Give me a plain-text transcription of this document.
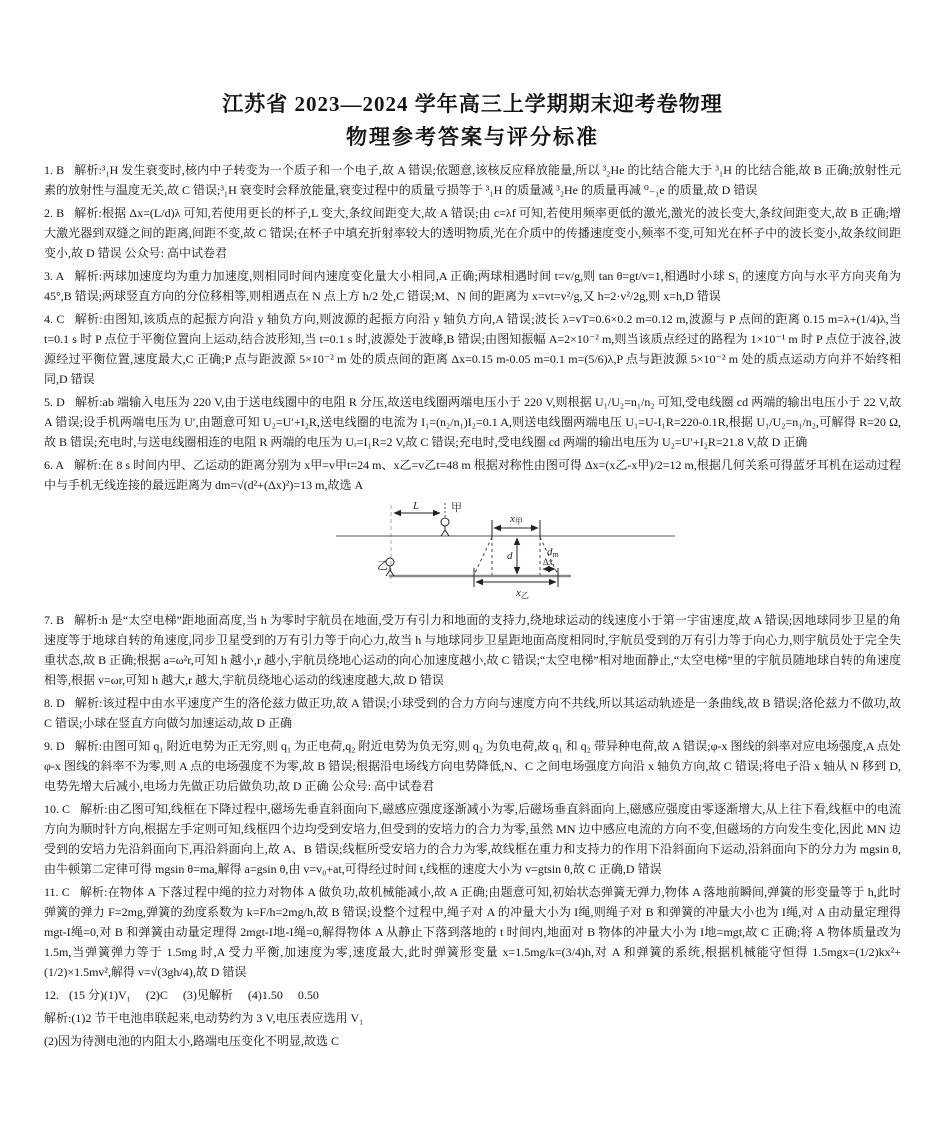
江苏省 2023—2024 学年高三上学期期末迎考卷物理
物理参考答案与评分标准

1. B 解析:³₁H 发生衰变时,核内中子转变为一个质子和一个电子,故 A 错误;依题意,该核反应释放能量,所以 ³₂He 的比结合能大于 ³₁H 的比结合能,故 B 正确;放射性元素的放射性与温度无关,故 C 错误;³₁H 衰变时会释放能量,衰变过程中的质量亏损等于 ³₁H 的质量减 ³₂He 的质量再减 ⁰₋₁e 的质量,故 D 错误

2. B 解析:根据 Δx=(L/d)λ 可知,若使用更长的杯子,L 变大,条纹间距变大,故 A 错误;由 c=λf 可知,若使用频率更低的激光,激光的波长变大,条纹间距变大,故 B 正确;增大激光器到双缝之间的距离,间距不变,故 C 错误;在杯子中填充折射率较大的透明物质,光在介质中的传播速度变小,频率不变,可知光在杯子中的波长变小,故条纹间距变小,故 D 错误 公众号: 高中试卷君

3. A 解析:两球加速度均为重力加速度,则相同时间内速度变化量大小相同,A 正确;两球相遇时间 t=v/g,则 tan θ=gt/v=1,相遇时小球 S₁ 的速度方向与水平方向夹角为 45°,B 错误;两球竖直方向的分位移相等,则相遇点在 N 点上方 h/2 处,C 错误;M、N 间的距离为 x=vt=v²/g,又 h=2·v²/2g,则 x=h,D 错误

4. C 解析:由图知,该质点的起振方向沿 y 轴负方向,则波源的起振方向沿 y 轴负方向,A 错误;波长 λ=vT=0.6×0.2 m=0.12 m,波源与 P 点间的距离 0.15 m=λ+(1/4)λ,当 t=0.1 s 时 P 点位于平衡位置向上运动,结合波形知,当 t=0.1 s 时,波源处于波峰,B 错误;由图知振幅 A=2×10⁻² m,则当该质点经过的路程为 1×10⁻¹ m 时 P 点位于波谷,波源经过平衡位置,速度最大,C 正确;P 点与距波源 5×10⁻² m 处的质点间的距离 Δx=0.15 m-0.05 m=0.1 m=(5/6)λ,P 点与距波源 5×10⁻² m 处的质点运动方向并不始终相同,D 错误

5. D 解析:ab 端输入电压为 220 V,由于送电线圈中的电阻 R 分压,故送电线圈两端电压小于 220 V,则根据 U₁/U₂=n₁/n₂ 可知,受电线圈 cd 两端的输出电压小于 22 V,故 A 错误;设手机两端电压为 U′,由题意可知 U₂=U′+I₂R,送电线圈的电流为 I₁=(n₂/n₁)I₂=0.1 A,则送电线圈两端电压 U₁=U-I₁R=220-0.1R,根据 U₁/U₂=n₁/n₂,可解得 R=20 Ω,故 B 错误;充电时,与送电线圈相连的电阻 R 两端的电压为 Uᵣ=I₁R=2 V,故 C 错误;充电时,受电线圈 cd 两端的输出电压为 U₂=U′+I₂R=21.8 V,故 D 正确

6. A 解析:在 8 s 时间内甲、乙运动的距离分别为 x甲=v甲t=24 m、x乙=v乙t=48 m 根据对称性由图可得 Δx=(x乙-x甲)/2=12 m,根据几何关系可得蓝牙耳机在运动过程中与手机无线连接的最远距离为 dm=√(d²+(Δx)²)=13 m,故选 A

L	甲
x甲
d	dm
Δx
x乙
乙

7. B 解析:h 是“太空电梯”距地面高度,当 h 为零时宇航员在地面,受万有引力和地面的支持力,绕地球运动的线速度小于第一宇宙速度,故 A 错误;因地球同步卫星的角速度等于地球自转的角速度,同步卫星受到的万有引力等于向心力,故当 h 与地球同步卫星距地面高度相同时,宇航员受到的万有引力等于向心力,则宇航员处于完全失重状态,故 B 正确;根据 a=ω²r,可知 h 越小,r 越小,宇航员绕地心运动的向心加速度越小,故 C 错误;“太空电梯”相对地面静止,“太空电梯”里的宇航员随地球自转的角速度相等,根据 v=ωr,可知 h 越大,r 越大,宇航员绕地心运动的线速度越大,故 D 错误

8. D 解析:该过程中由水平速度产生的洛伦兹力做正功,故 A 错误;小球受到的合力方向与速度方向不共线,所以其运动轨迹是一条曲线,故 B 错误;洛伦兹力不做功,故 C 错误;小球在竖直方向做匀加速运动,故 D 正确

9. D 解析:由图可知 q₁ 附近电势为正无穷,则 q₁ 为正电荷,q₂ 附近电势为负无穷,则 q₂ 为负电荷,故 q₁ 和 q₂ 带异种电荷,故 A 错误;φ-x 图线的斜率对应电场强度,A 点处 φ-x 图线的斜率不为零,则 A 点的电场强度不为零,故 B 错误;根据沿电场线方向电势降低,N、C 之间电场强度方向沿 x 轴负方向,故 C 错误;将电子沿 x 轴从 N 移到 D,电势先增大后减小,电场力先做正功后做负功,故 D 正确 公众号: 高中试卷君

10. C 解析:由乙图可知,线框在下降过程中,磁场先垂直斜面向下,磁感应强度逐渐减小为零,后磁场垂直斜面向上,磁感应强度由零逐渐增大,从上往下看,线框中的电流方向为顺时针方向,根据左手定则可知,线框四个边均受到安培力,但受到的安培力的合力为零,虽然 MN 边中感应电流的方向不变,但磁场的方向发生变化,因此 MN 边受到的安培力先沿斜面向下,再沿斜面向上,故 A、B 错误;线框所受安培力的合力为零,故线框在重力和支持力的作用下沿斜面向下运动,沿斜面向下的分力为 mgsin θ,由牛顿第二定律可得 mgsin θ=ma,解得 a=gsin θ,由 v=v₀+at,可得经过时间 t,线框的速度大小为 v=gtsin θ,故 C 正确,D 错误

11. C 解析:在物体 A 下落过程中绳的拉力对物体 A 做负功,故机械能减小,故 A 正确;由题意可知,初始状态弹簧无弹力,物体 A 落地前瞬间,弹簧的形变量等于 h,此时弹簧的弹力 F=2mg,弹簧的劲度系数为 k=F/h=2mg/h,故 B 错误;设整个过程中,绳子对 A 的冲量大小为 I绳,则绳子对 B 和弹簧的冲量大小也为 I绳,对 A 由动量定理得 mgt-I绳=0,对 B 和弹簧由动量定理得 2mgt-I地-I绳=0,解得物体 A 从静止下落到落地的 t 时间内,地面对 B 物体的冲量大小为 I地=mgt,故 C 正确;将 A 物体质量改为 1.5m,当弹簧弹力等于 1.5mg 时,A 受力平衡,加速度为零,速度最大,此时弹簧形变量 x=1.5mg/k=(3/4)h,对 A 和弹簧的系统,根据机械能守恒得 1.5mgx=(1/2)kx²+(1/2)×1.5mv²,解得 v=√(3gh/4),故 D 错误

12. (15 分)(1)V₁　 (2)C　 (3)见解析　 (4)1.50　 0.50

解析:(1)2 节干电池串联起来,电动势约为 3 V,电压表应选用 V₁

(2)因为待测电池的内阻太小,路端电压变化不明显,故选 C
